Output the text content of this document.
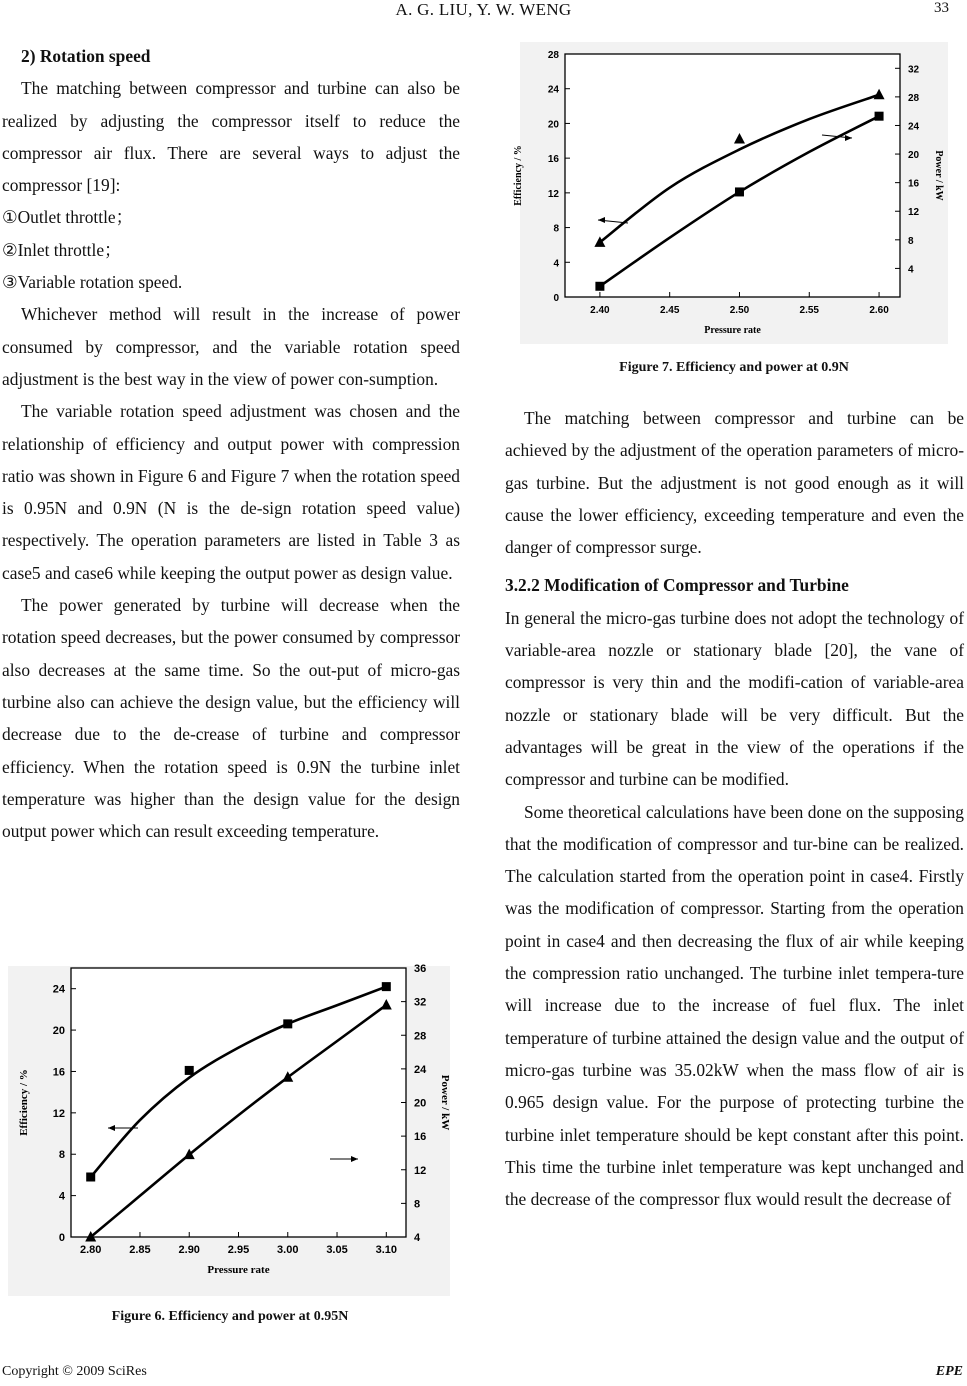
A. G. LIU, Y. W. WENG	33

2) Rotation speed

The matching between compressor and turbine can also be realized by adjusting the compressor itself to reduce the compressor air flux. There are several ways to adjust the compressor [19]:

①Outlet throttle；

②Inlet throttle；

③Variable rotation speed.

Whichever method will result in the increase of power consumed by compressor, and the variable rotation speed adjustment is the best way in the view of power con-sumption.

The variable rotation speed adjustment was chosen and the relationship of efficiency and output power with compression ratio was shown in Figure 6 and Figure 7 when the rotation speed is 0.95N and 0.9N (N is the de-sign rotation speed value) respectively. The operation parameters are listed in Table 3 as case5 and case6 while keeping the output power as design value.

The power generated by turbine will decrease when the rotation speed decreases, but the power consumed by compressor also decreases at the same time. So the out-put of micro-gas turbine also can achieve the design value, but the efficiency will decrease due to the de-crease of turbine and compressor efficiency. When the rotation speed is 0.9N the turbine inlet temperature was higher than the design value for the design output power which can result exceeding temperature.

2.80	2.85	2.90	2.95	3.00	3.05	3.10
0
4
8
12
16
20
24
4
8
12
16
20
24
28
32
36
Pressure rate
Efficiency / %	Power / kW
Figure 6. Efficiency and power at 0.95N
2.40	2.45	2.50	2.55	2.60
0
4
8
12
16
20
24
28
4
8
12
16
20
24
28
32
Pressure rate
Efficiency / %	Power / kW
Figure 7. Efficiency and power at 0.9N

The matching between compressor and turbine can be achieved by the adjustment of the operation parameters of micro-gas turbine. But the adjustment is not good enough as it will cause the lower efficiency, exceeding temperature and even the danger of compressor surge.

3.2.2 Modification of Compressor and Turbine

In general the micro-gas turbine does not adopt the technology of variable-area nozzle or stationary blade [20], the vane of compressor is very thin and the modifi-cation of variable-area nozzle or stationary blade will be very difficult. But the advantages will be great in the view of the operations if the compressor and turbine can be modified.

Some theoretical calculations have been done on the supposing that the modification of compressor and tur-bine can be realized. The calculation started from the operation point in case4. Firstly was the modification of compressor. Starting from the operation point in case4 and then decreasing the flux of air while keeping the compression ratio unchanged. The turbine inlet tempera-ture will increase due to the increase of fuel flux. The inlet temperature of turbine attained the design value and the output of micro-gas turbine was 35.02kW when the mass flow of air is 0.965 design value. For the purpose of protecting turbine the turbine inlet temperature should be kept constant after this point. This time the turbine inlet temperature was kept unchanged and the decrease of the compressor flux would result the decrease of

Copyright © 2009 SciRes	EPE
